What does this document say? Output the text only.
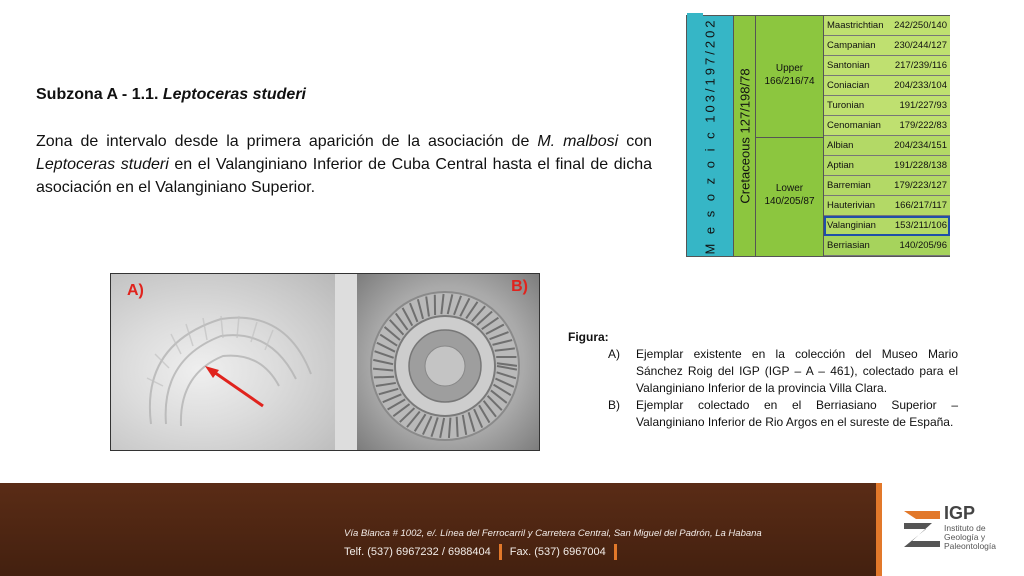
Subzona A - 1.1. Leptoceras studeri

Zona de intervalo desde la primera aparición de la asociación de M. malbosi con Leptoceras studeri en el Valanginiano Inferior de Cuba Central hasta el final de dicha asociación en el Valanginiano Superior.	M e s o z o i c 103/197/202 Cretaceous 127/198/78	Upper
166/216/74
Lower
140/205/87
Maastrichtian 242/250/140
Campanian 230/244/127
Santonian	217/239/116
Coniacian	204/233/104
Turonian	191/227/93
Cenomanian 179/222/83
Albian	204/234/151
Aptian	191/228/138
Barremian 179/223/127
Hauterivian 166/217/117
Valanginian 153/211/106
Berriasian	140/205/96
A)	B)
Figura:
A) Ejemplar existente en la colección del Museo Mario Sánchez Roig del IGP (IGP – A – 461), colectado para el Valanginiano Inferior de la provincia Villa Clara.
B) Ejemplar colectado en el Berriasiano Superior – Valanginiano Inferior de Rio Argos en el sureste de España.
Vía Blanca # 1002, e/. Línea del Ferrocarril y Carretera Central, San Miguel del Padrón, La Habana
Telf. (537) 6967232 / 6988404 Fax. (537) 6967004
IGP
Instituto de Geología y Paleontología
